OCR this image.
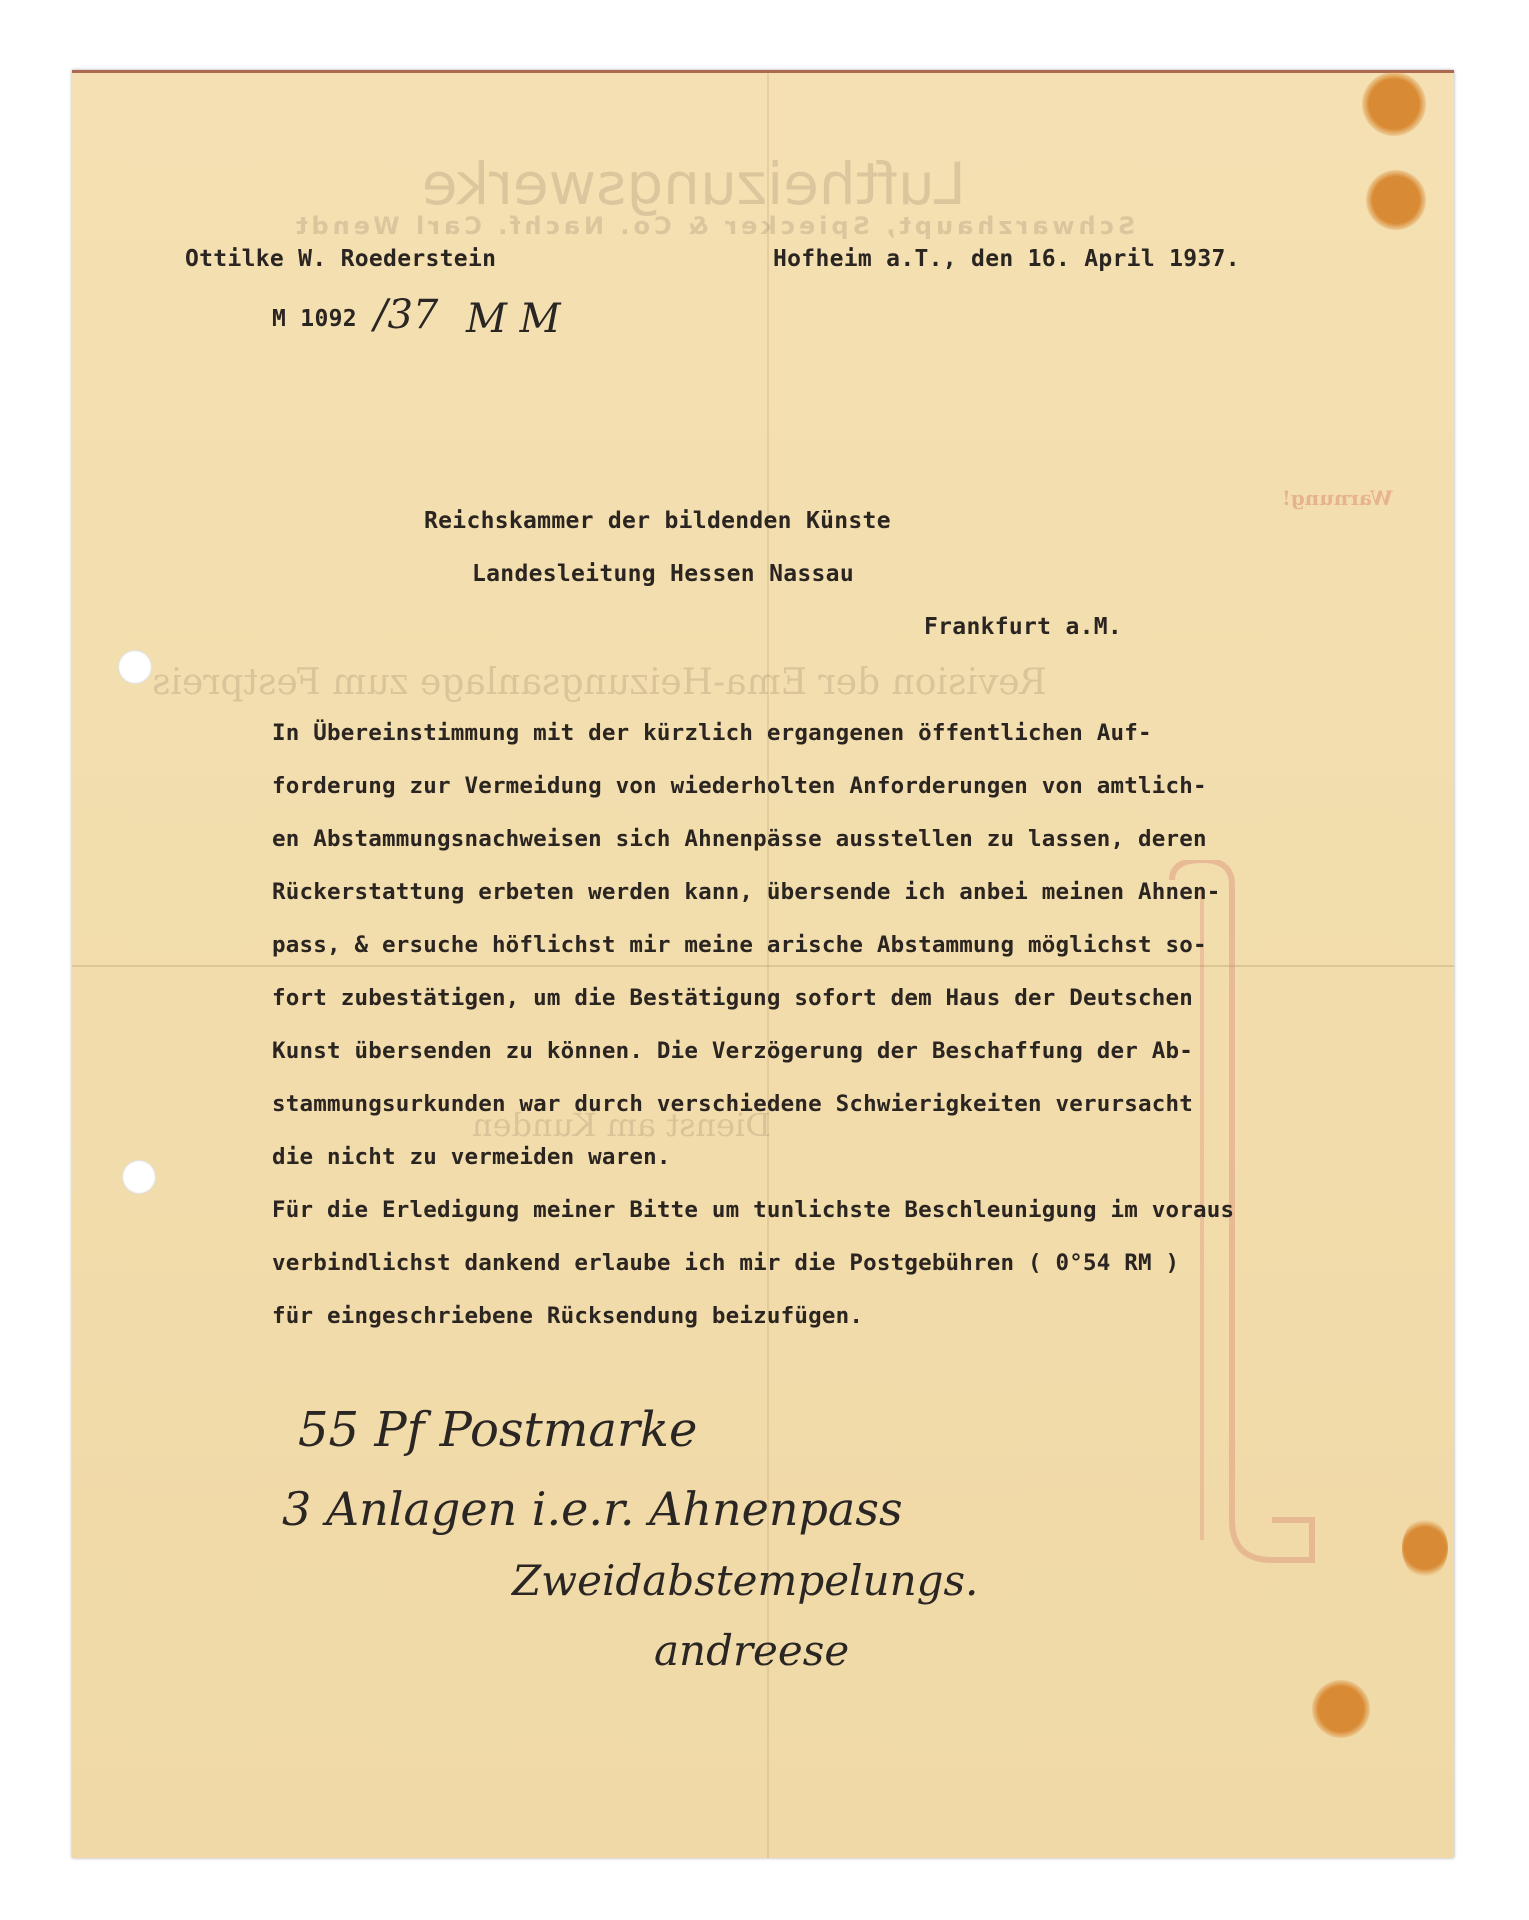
Luftheizungswerke
Schwarzhaupt, Spiecker & Co. Nachf. Carl Wendt
Revision der Ema-Heizungsanlage zum Festpreis
Dienst am Kunden
Warnung!
Ottilke W. Roederstein	Hofheim a.T., den 16. April 1937.
M 1092 /37 M M
Reichskammer der bildenden Künste
Landesleitung Hessen Nassau
Frankfurt a.M.
In Übereinstimmung mit der kürzlich ergangenen öffentlichen Auf-
forderung zur Vermeidung von wiederholten Anforderungen von amtlich-
en Abstammungsnachweisen sich Ahnenpässe ausstellen zu lassen, deren
Rückerstattung erbeten werden kann, übersende ich anbei meinen Ahnen-
pass, & ersuche höflichst mir meine arische Abstammung möglichst so-
fort zubestätigen, um die Bestätigung sofort dem Haus der Deutschen
Kunst übersenden zu können. Die Verzögerung der Beschaffung der Ab-
stammungsurkunden war durch verschiedene Schwierigkeiten verursacht
die nicht zu vermeiden waren.
Für die Erledigung meiner Bitte um tunlichste Beschleunigung im voraus
verbindlichst dankend erlaube ich mir die Postgebühren ( 0°54 RM )
für eingeschriebene Rücksendung beizufügen.
55 Pf Postmarke
3 Anlagen i.e.r. Ahnenpass
Zweidabstempelungs.
andreese
